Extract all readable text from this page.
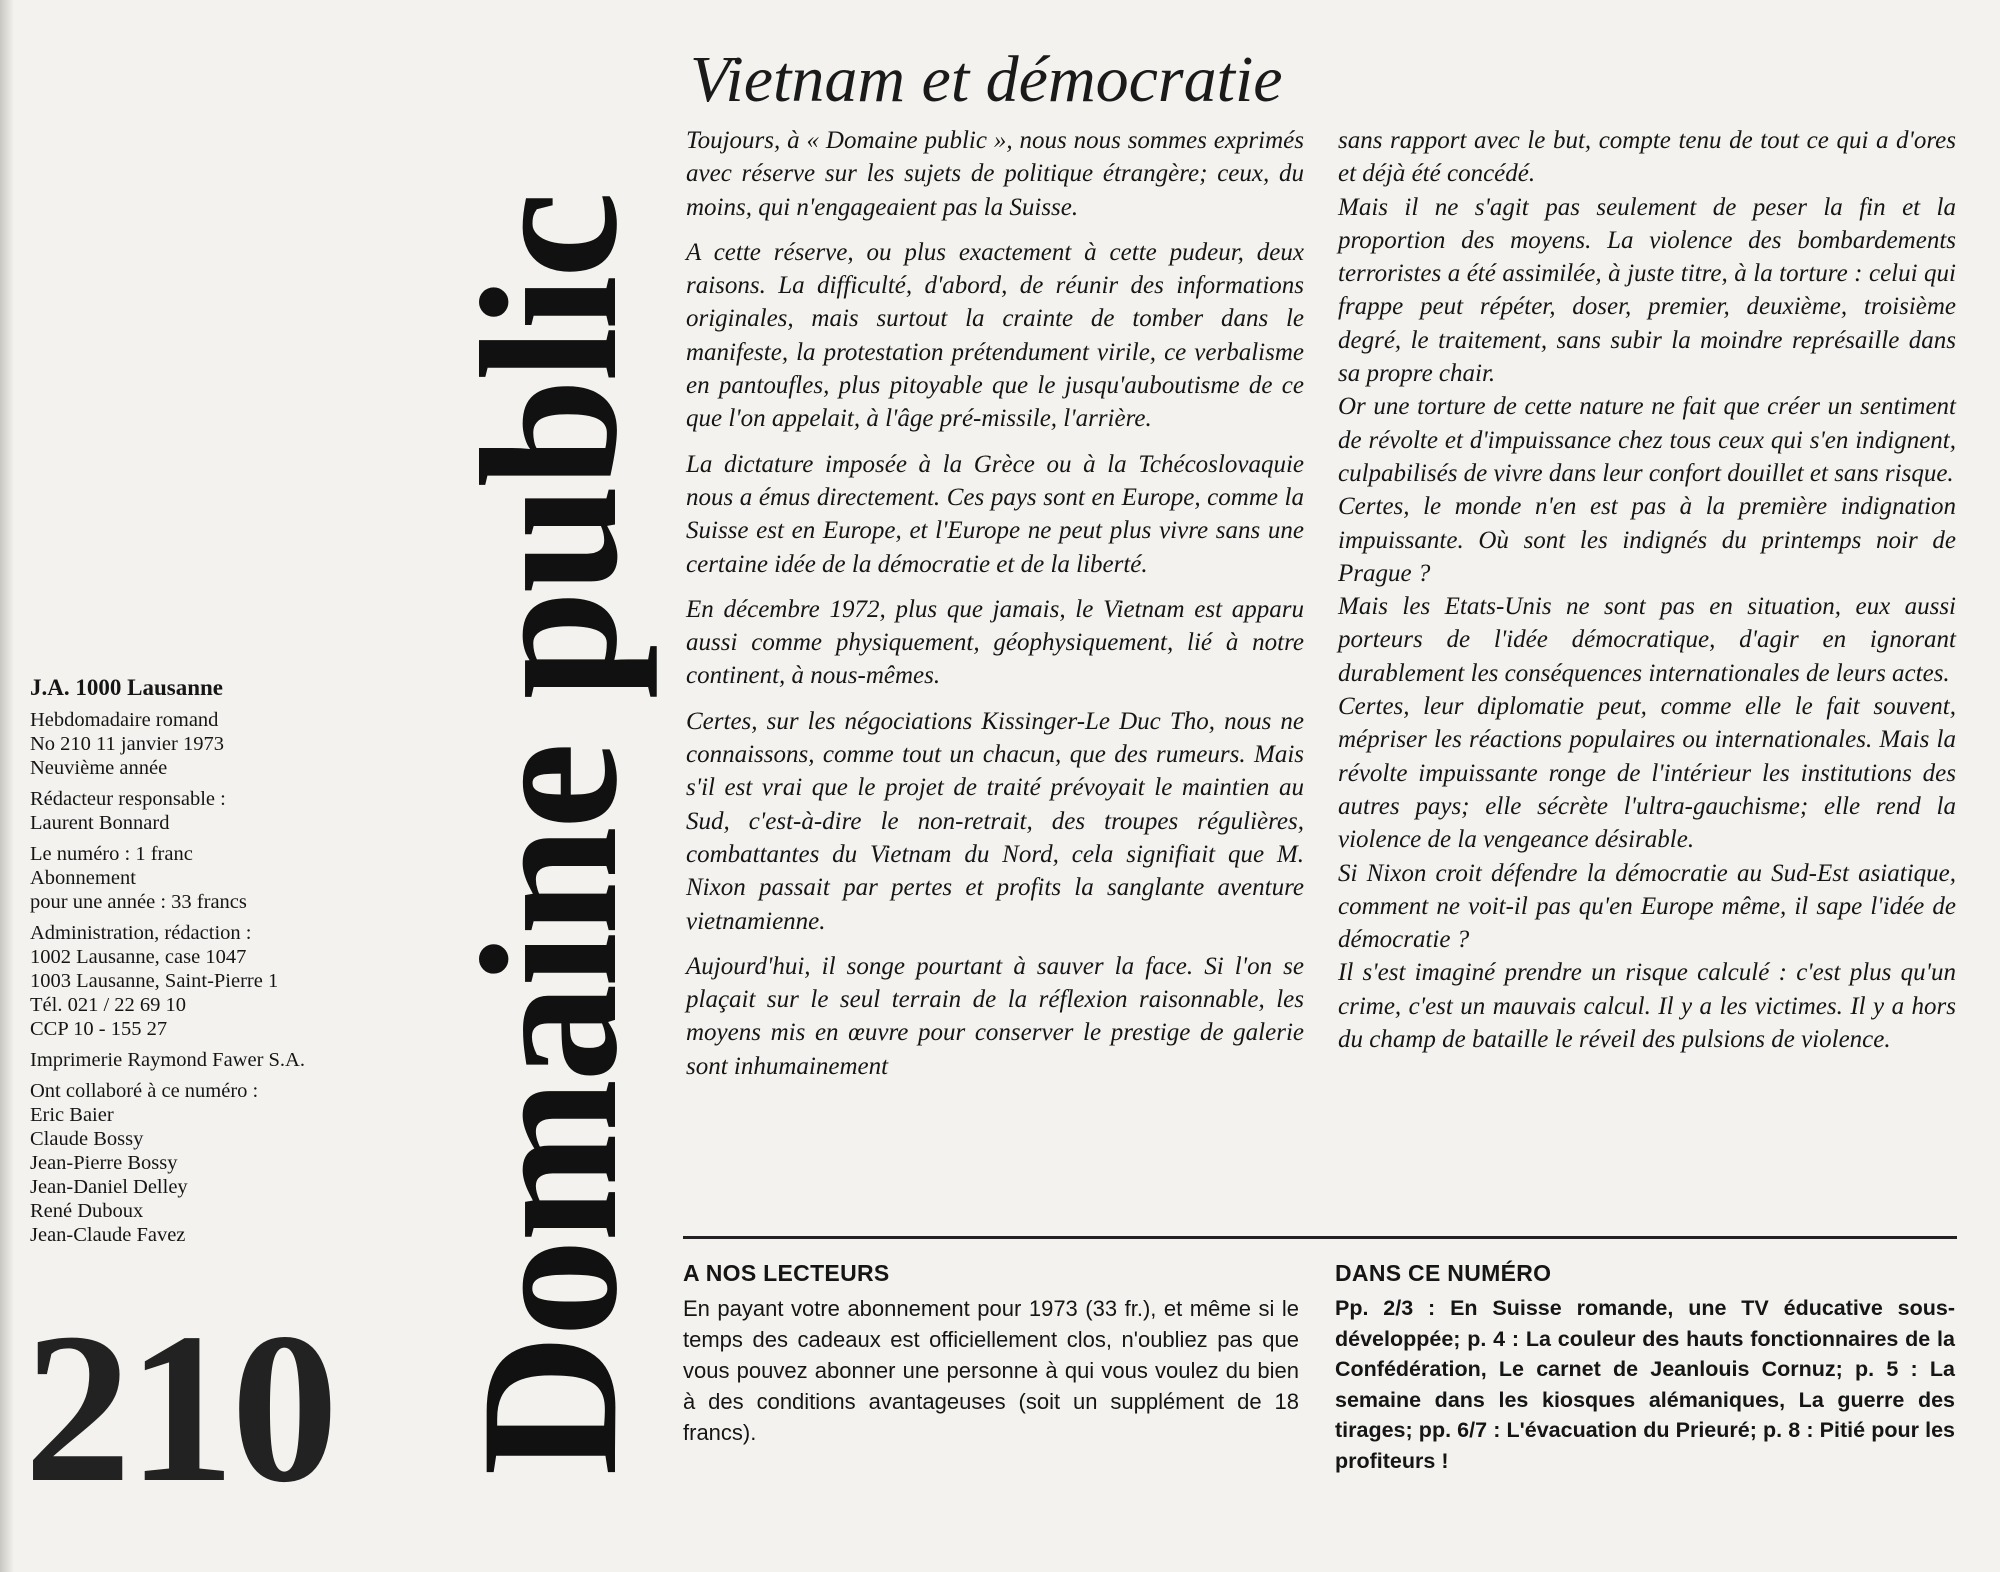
J.A. 1000 Lausanne
Hebdomadaire romand
No 210 11 janvier 1973
Neuvième année
Rédacteur responsable :
Laurent Bonnard
Le numéro : 1 franc
Abonnement
pour une année : 33 francs
Administration, rédaction :
1002 Lausanne, case 1047
1003 Lausanne, Saint-Pierre 1
Tél. 021 / 22 69 10
CCP 10 - 155 27
Imprimerie Raymond Fawer S.A.
Ont collaboré à ce numéro :
Eric Baier
Claude Bossy
Jean-Pierre Bossy
Jean-Daniel Delley
René Duboux
Jean-Claude Favez
210 Domaine public
Vietnam et démocratie

Toujours, à « Domaine public », nous nous sommes exprimés avec réserve sur les sujets de politique étrangère; ceux, du moins, qui n'engageaient pas la Suisse.

A cette réserve, ou plus exactement à cette pudeur, deux raisons. La difficulté, d'abord, de réunir des informations originales, mais surtout la crainte de tomber dans le manifeste, la protestation prétendument virile, ce verbalisme en pantoufles, plus pitoyable que le jusqu'auboutisme de ce que l'on appelait, à l'âge pré-missile, l'arrière.

La dictature imposée à la Grèce ou à la Tchécoslovaquie nous a émus directement. Ces pays sont en Europe, comme la Suisse est en Europe, et l'Europe ne peut plus vivre sans une certaine idée de la démocratie et de la liberté.

En décembre 1972, plus que jamais, le Vietnam est apparu aussi comme physiquement, géophysiquement, lié à notre continent, à nous-mêmes.

Certes, sur les négociations Kissinger-Le Duc Tho, nous ne connaissons, comme tout un chacun, que des rumeurs. Mais s'il est vrai que le projet de traité prévoyait le maintien au Sud, c'est-à-dire le non-retrait, des troupes régulières, combattantes du Vietnam du Nord, cela signifiait que M. Nixon passait par pertes et profits la sanglante aventure vietnamienne.

Aujourd'hui, il songe pourtant à sauver la face. Si l'on se plaçait sur le seul terrain de la réflexion raisonnable, les moyens mis en œuvre pour conserver le prestige de galerie sont inhumainement

sans rapport avec le but, compte tenu de tout ce qui a d'ores et déjà été concédé.

Mais il ne s'agit pas seulement de peser la fin et la proportion des moyens. La violence des bombardements terroristes a été assimilée, à juste titre, à la torture : celui qui frappe peut répéter, doser, premier, deuxième, troisième degré, le traitement, sans subir la moindre représaille dans sa propre chair.

Or une torture de cette nature ne fait que créer un sentiment de révolte et d'impuissance chez tous ceux qui s'en indignent, culpabilisés de vivre dans leur confort douillet et sans risque.

Certes, le monde n'en est pas à la première indignation impuissante. Où sont les indignés du printemps noir de Prague ?

Mais les Etats-Unis ne sont pas en situation, eux aussi porteurs de l'idée démocratique, d'agir en ignorant durablement les conséquences internationales de leurs actes.

Certes, leur diplomatie peut, comme elle le fait souvent, mépriser les réactions populaires ou internationales. Mais la révolte impuissante ronge de l'intérieur les institutions des autres pays; elle sécrète l'ultra-gauchisme; elle rend la violence de la vengeance désirable.

Si Nixon croit défendre la démocratie au Sud-Est asiatique, comment ne voit-il pas qu'en Europe même, il sape l'idée de démocratie ?

Il s'est imaginé prendre un risque calculé : c'est plus qu'un crime, c'est un mauvais calcul. Il y a les victimes. Il y a hors du champ de bataille le réveil des pulsions de violence.

A NOS LECTEURS

En payant votre abonnement pour 1973 (33 fr.), et même si le temps des cadeaux est officiellement clos, n'oubliez pas que vous pouvez abonner une personne à qui vous voulez du bien à des conditions avantageuses (soit un supplément de 18 francs).

DANS CE NUMÉRO

Pp. 2/3 : En Suisse romande, une TV éducative sous-développée; p. 4 : La couleur des hauts fonctionnaires de la Confédération, Le carnet de Jeanlouis Cornuz; p. 5 : La semaine dans les kiosques alémaniques, La guerre des tirages; pp. 6/7 : L'évacuation du Prieuré; p. 8 : Pitié pour les profiteurs !
